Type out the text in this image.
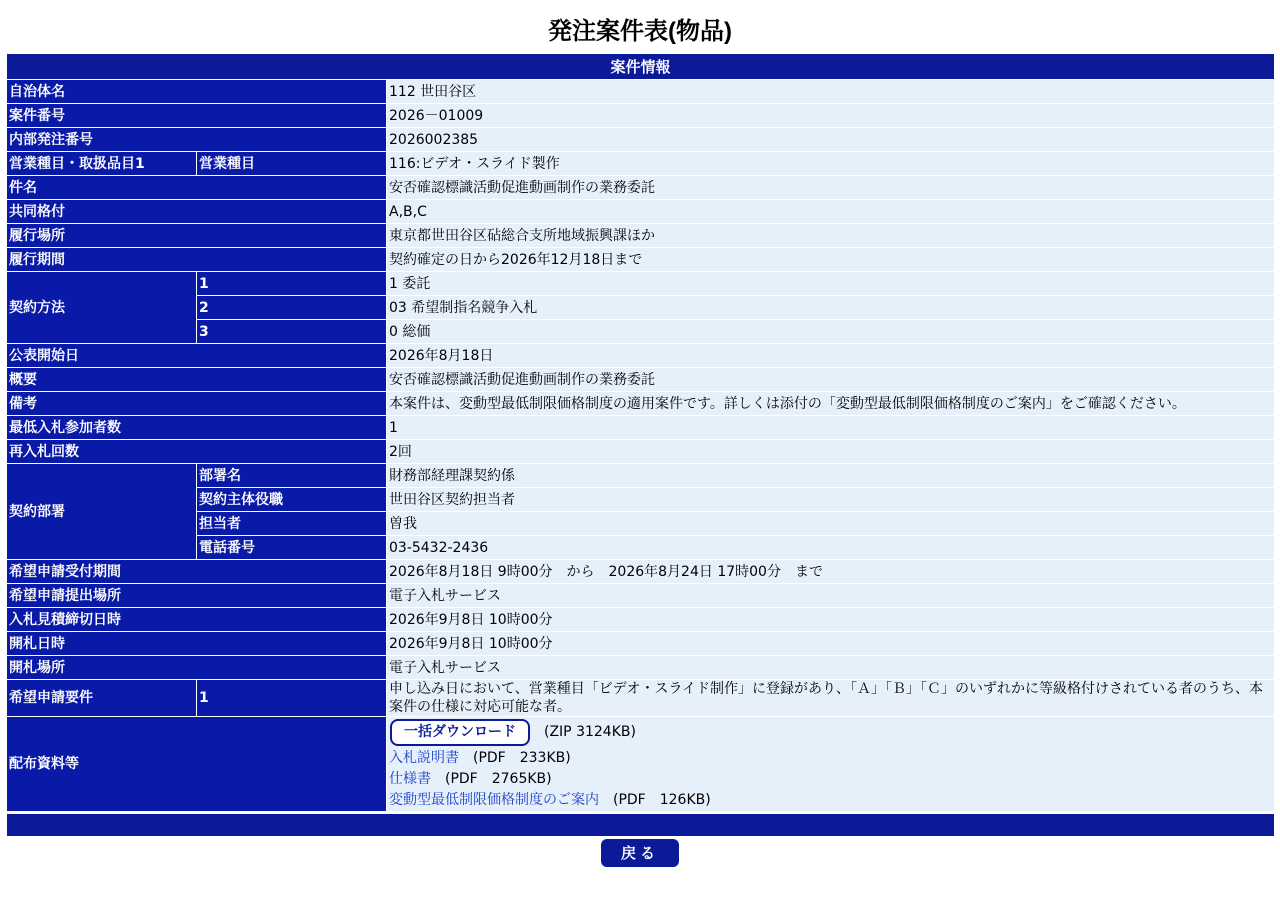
発注案件表(物品)
案件情報		
自治体名		112 世田谷区
案件番号		2026－01009
内部発注番号		2026002385
営業種目・取扱品目1	営業種目	116:ビデオ・スライド製作
件名		安否確認標識活動促進動画制作の業務委託
共同格付		A,B,C
履行場所		東京都世田谷区砧総合支所地域振興課ほか
履行期間		契約確定の日から2026年12月18日まで
契約方法	1	1 委託
	2	03 希望制指名競争入札
	3	0 総価
公表開始日		2026年8月18日
概要		安否確認標識活動促進動画制作の業務委託
備考		本案件は、変動型最低制限価格制度の適用案件です。詳しくは添付の「変動型最低制限価格制度のご案内」をご確認ください。
最低入札参加者数		1
再入札回数		2回
契約部署	部署名	財務部経理課契約係
	契約主体役職	世田谷区契約担当者
	担当者	曽我
	電話番号	03-5432-2436
希望申請受付期間		2026年8月18日 9時00分　から　2026年8月24日 17時00分　まで
希望申請提出場所		電子入札サービス
入札見積締切日時		2026年9月8日 10時00分
開札日時		2026年9月8日 10時00分
開札場所		電子入札サービス
希望申請要件	1	申し込み日において、営業種目「ビデオ・スライド制作」に登録があり、「Ａ」「Ｂ」「Ｃ」のいずれかに等級格付けされている者のうち、本案件の仕様に対応可能な者。
配布資料等		一括ダウンロード (ZIP 3124KB)
入札説明書 (PDF　233KB)
仕様書 (PDF　2765KB)
変動型最低制限価格制度のご案内 (PDF　126KB)
戻る
